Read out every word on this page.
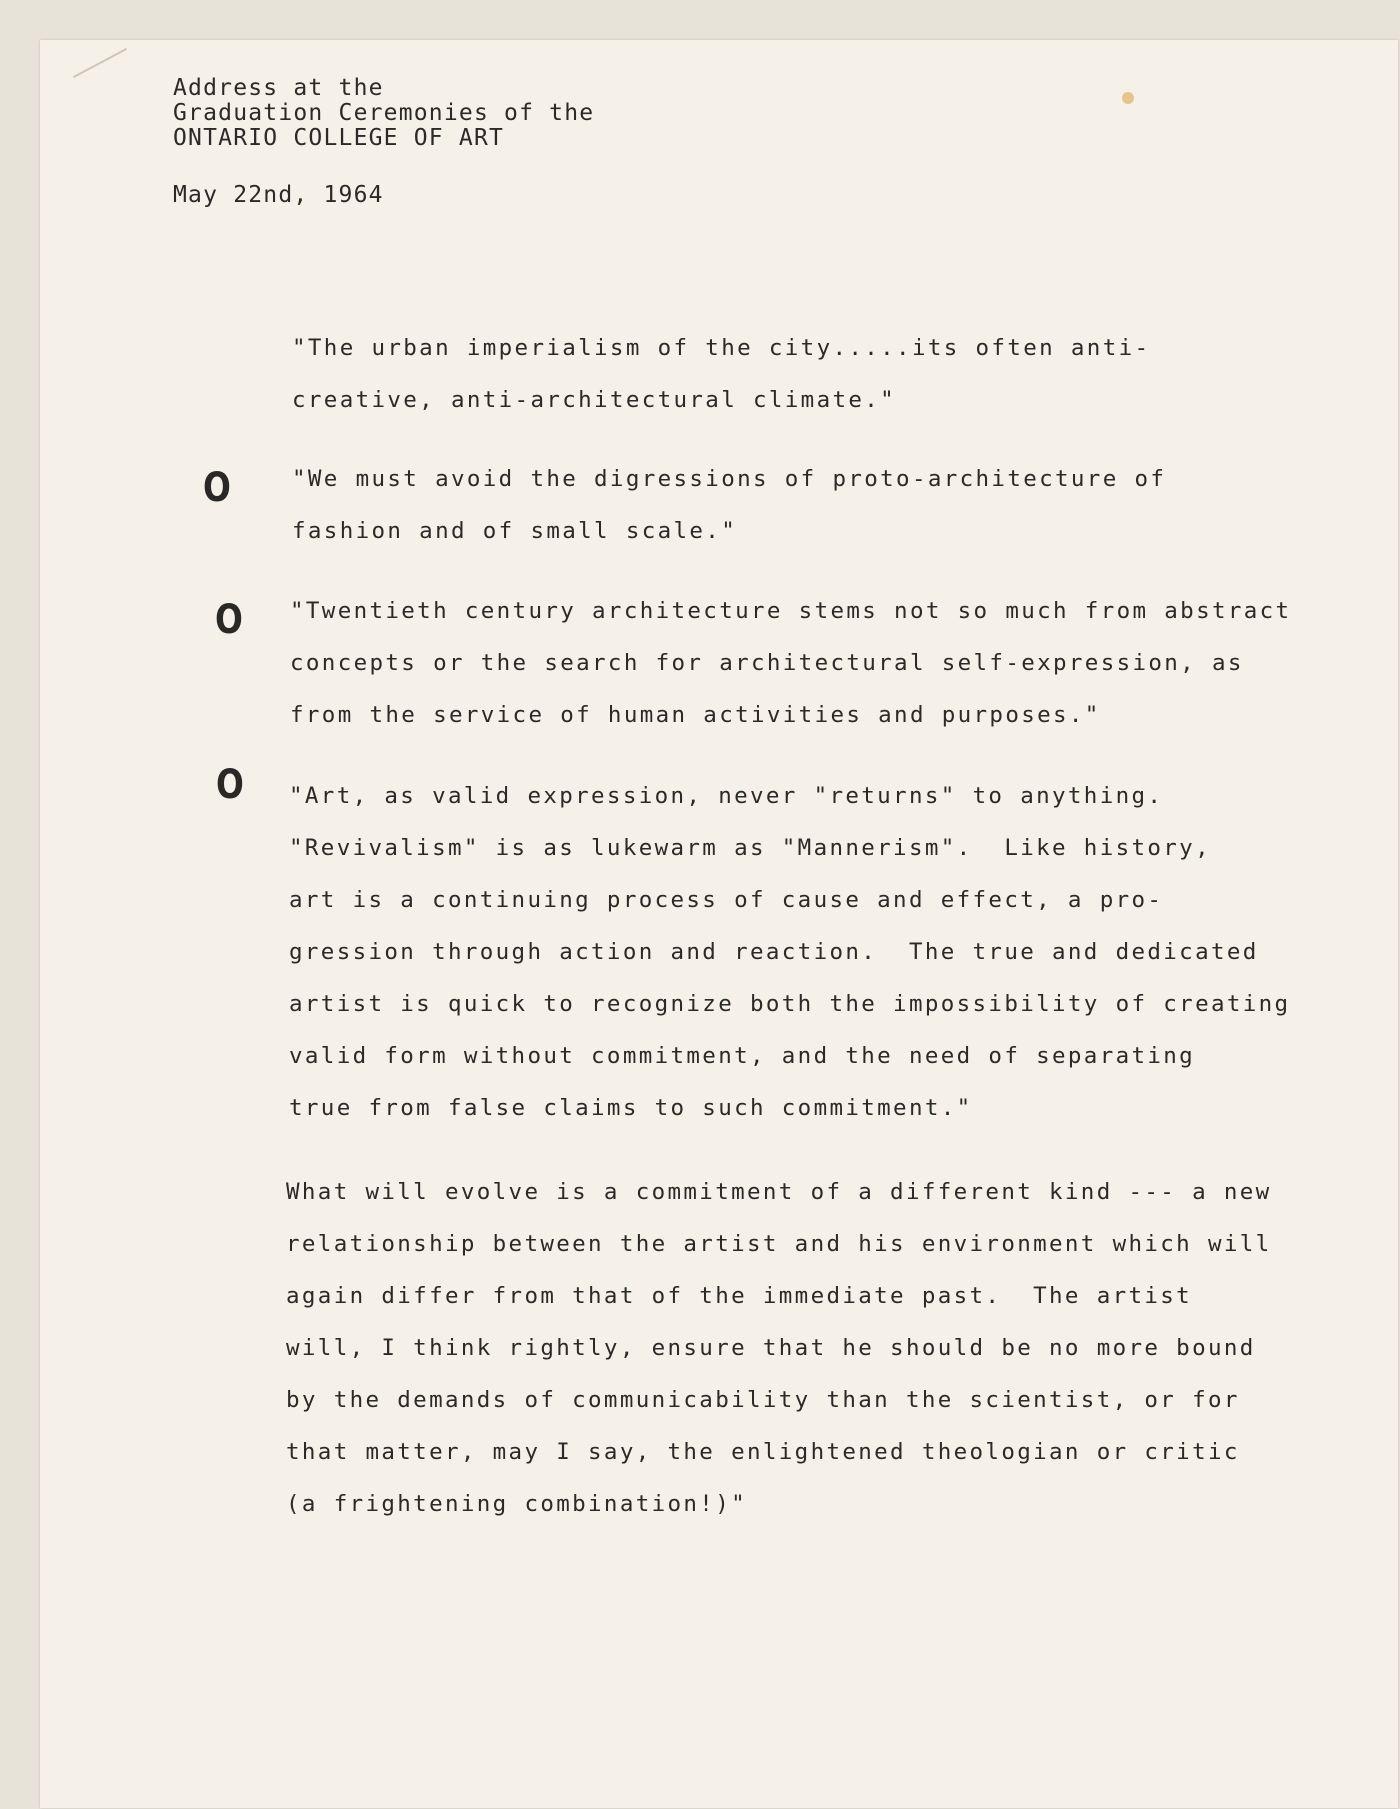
Address at the
Graduation Ceremonies of the
ONTARIO COLLEGE OF ART
May 22nd, 1964
O
O
O
"The urban imperialism of the city.....its often anti-
creative, anti-architectural climate."
"We must avoid the digressions of proto-architecture of
fashion and of small scale."
"Twentieth century architecture stems not so much from abstract
concepts or the search for architectural self-expression, as
from the service of human activities and purposes."
"Art, as valid expression, never "returns" to anything.
"Revivalism" is as lukewarm as "Mannerism".  Like history,
art is a continuing process of cause and effect, a pro-
gression through action and reaction.  The true and dedicated
artist is quick to recognize both the impossibility of creating
valid form without commitment, and the need of separating
true from false claims to such commitment."
What will evolve is a commitment of a different kind --- a new
relationship between the artist and his environment which will
again differ from that of the immediate past.  The artist
will, I think rightly, ensure that he should be no more bound
by the demands of communicability than the scientist, or for
that matter, may I say, the enlightened theologian or critic
(a frightening combination!)"
